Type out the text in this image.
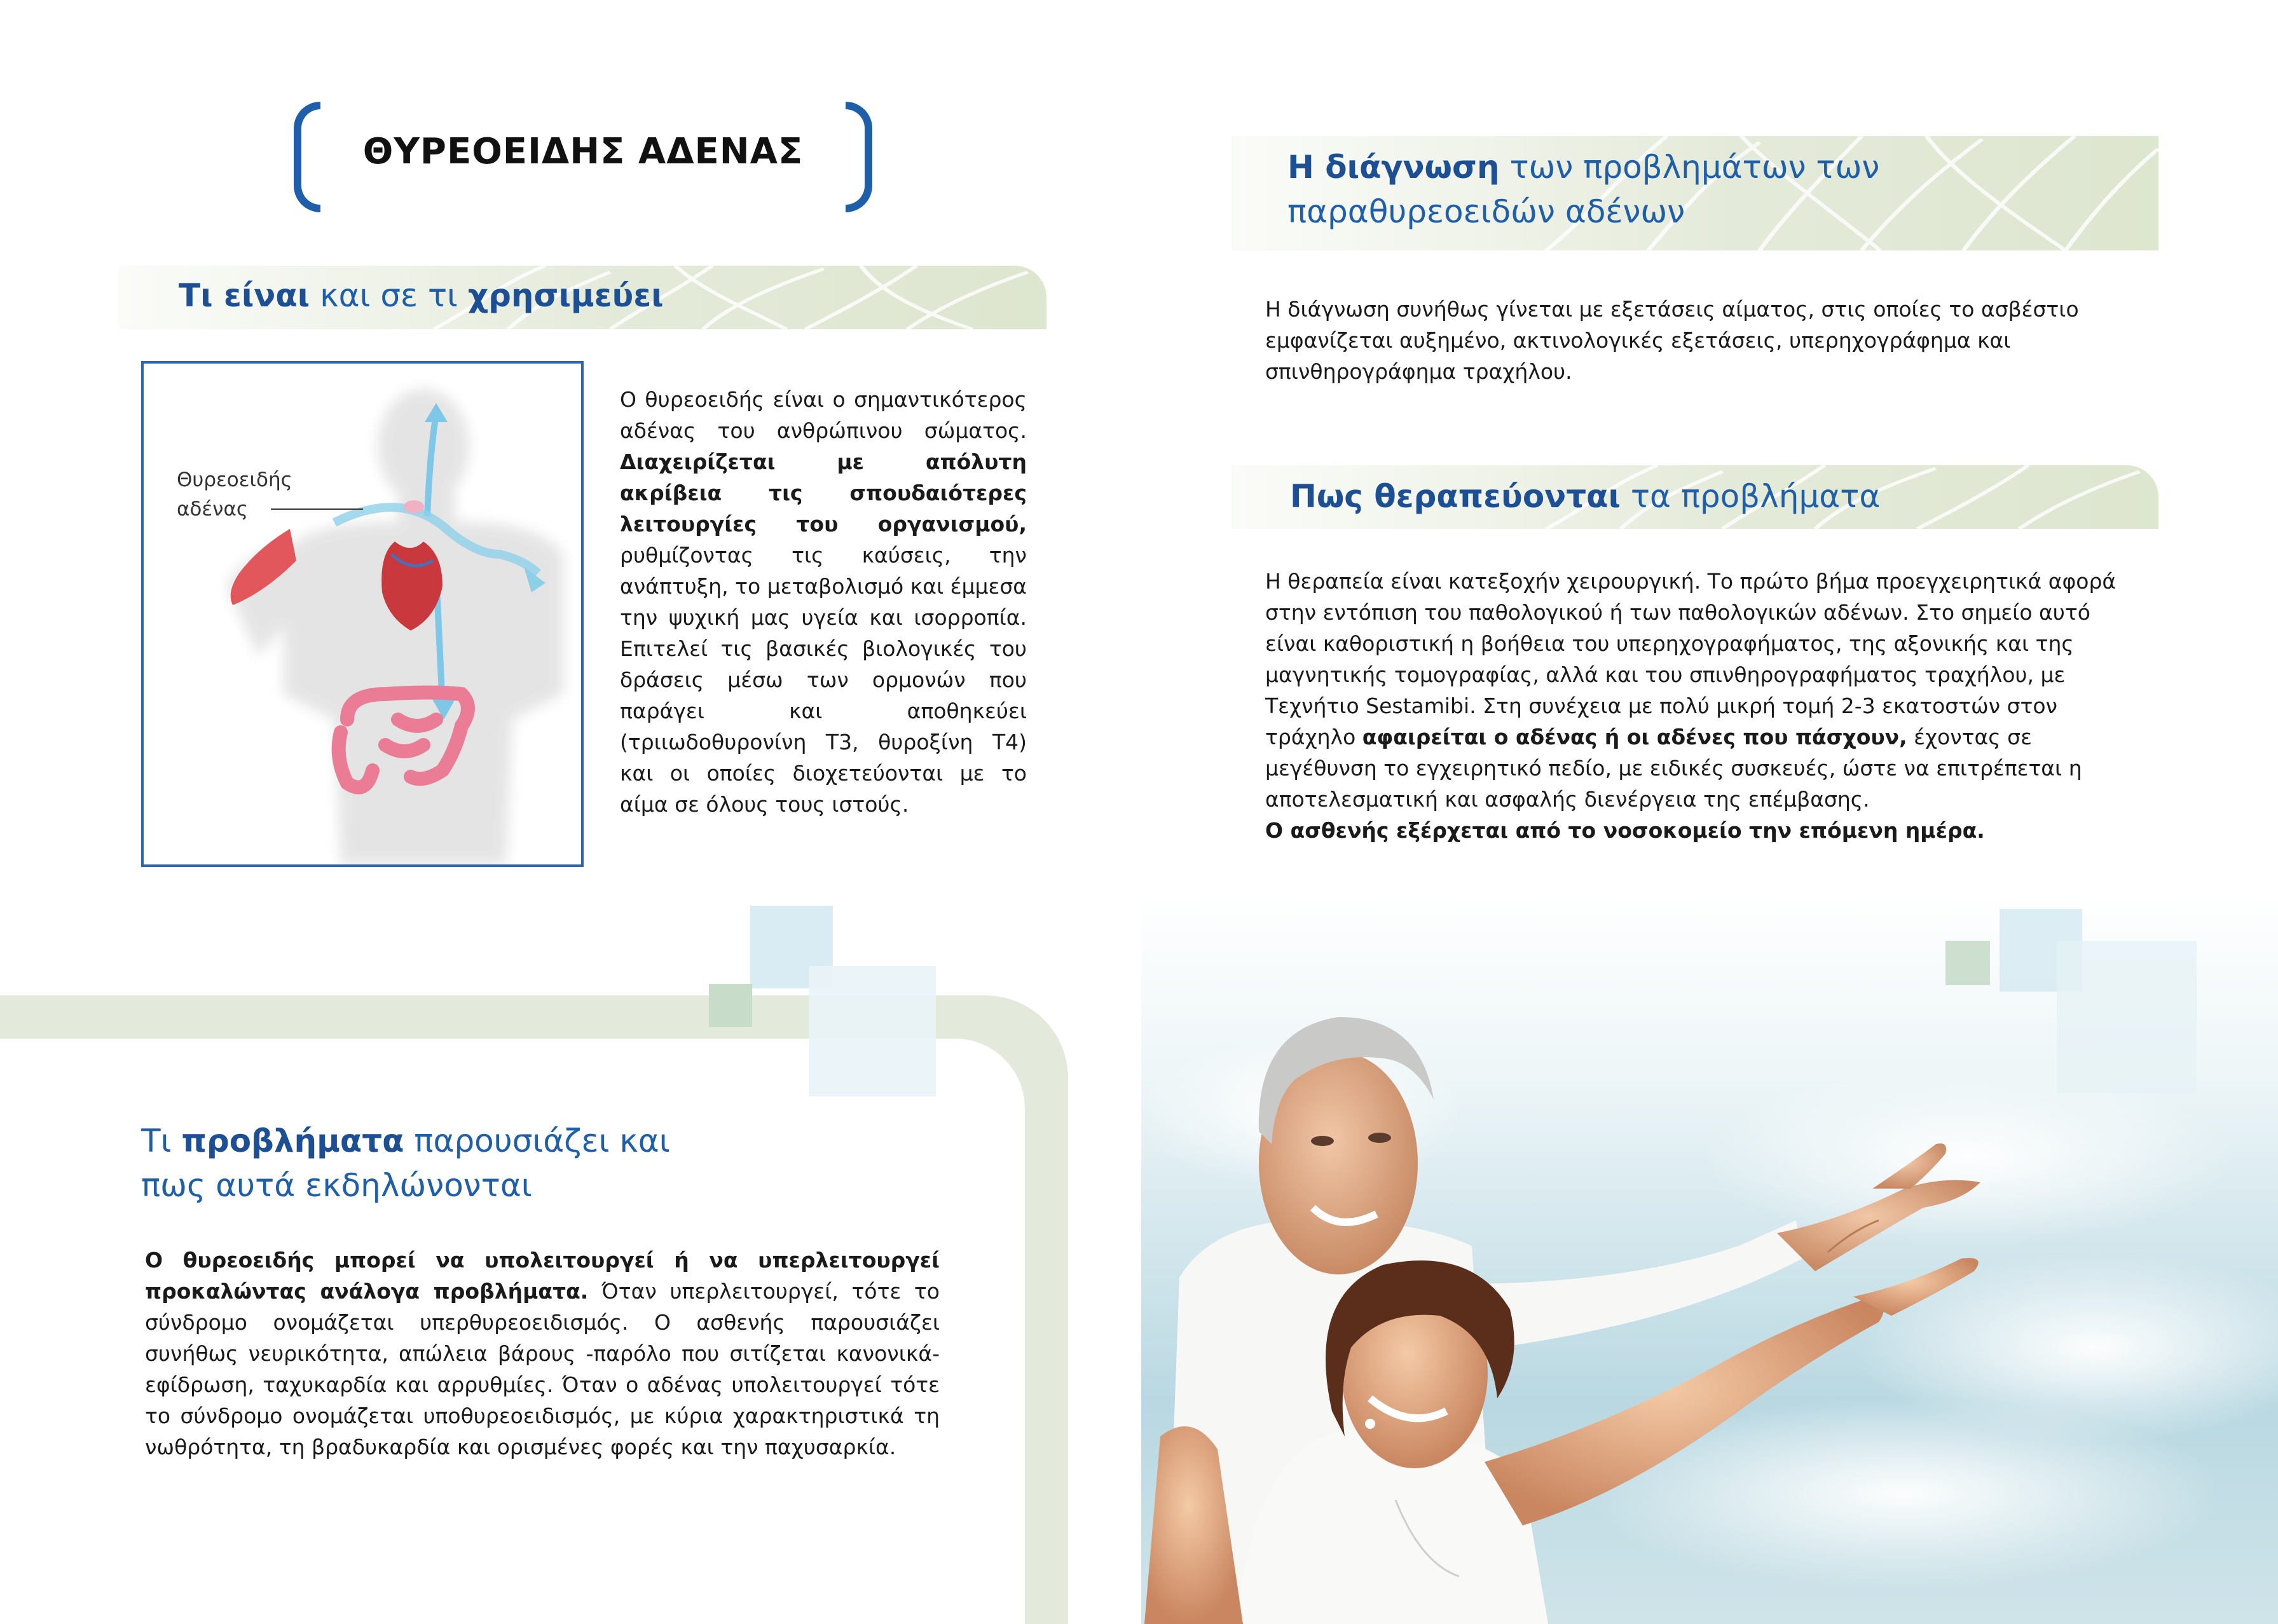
ΘΥΡΕΟΕΙΔΗΣ ΑΔΕΝΑΣ
Τι είναι και σε τι χρησιμεύει
Θυρεοειδής
αδένας
Ο θυρεοειδής είναι ο σημαντικότερος αδένας του ανθρώπινου σώματος. Διαχειρίζεται με απόλυτη ακρίβεια τις σπουδαιότερες λειτουργίες του οργανισμού, ρυθμίζοντας τις καύσεις, την ανάπτυξη, το μεταβολισμό και έμμεσα την ψυχική μας υγεία και ισορροπία. Επιτελεί τις βασικές βιολογικές του δράσεις μέσω των ορμονών που παράγει και αποθηκεύει (τριιωδοθυρονίνη Τ3, θυροξίνη Τ4) και οι οποίες διοχετεύονται με το αίμα σε όλους τους ιστούς.
Η διάγνωση των προβλημάτων των
παραθυρεοειδών αδένων
Η διάγνωση συνήθως γίνεται με εξετάσεις αίματος, στις οποίες το ασβέστιο εμφανίζεται αυξημένο, ακτινολογικές εξετάσεις, υπερηχογράφημα και σπινθηρογράφημα τραχήλου.
Πως θεραπεύονται τα προβλήματα
Η θεραπεία είναι κατεξοχήν χειρουργική. Το πρώτο βήμα προεγχειρητικά αφορά στην εντόπιση του παθολογικού ή των παθολογικών αδένων. Στο σημείο αυτό είναι καθοριστική η βοήθεια του υπερηχογραφήματος, της αξονικής και της μαγνητικής τομογραφίας, αλλά και του σπινθηρογραφήματος τραχήλου, με Τεχνήτιο Sestamibi. Στη συνέχεια με πολύ μικρή τομή 2-3 εκατοστών στον τράχηλο αφαιρείται ο αδένας ή οι αδένες που πάσχουν, έχοντας σε μεγέθυνση το εγχειρητικό πεδίο, με ειδικές συσκευές, ώστε να επιτρέπεται η αποτελεσματική και ασφαλής διενέργεια της επέμβασης.
Ο ασθενής εξέρχεται από το νοσοκομείο την επόμενη ημέρα.
Τι προβλήματα παρουσιάζει και
πως αυτά εκδηλώνονται
Ο θυρεοειδής μπορεί να υπολειτουργεί ή να υπερλειτουργεί προκαλώντας ανάλογα προβλήματα. Όταν υπερλειτουργεί, τότε το σύνδρομο ονομάζεται υπερθυρεοειδισμός. Ο ασθενής παρουσιάζει συνήθως νευρικότητα, απώλεια βάρους -παρόλο που σιτίζεται κανονικά- εφίδρωση, ταχυκαρδία και αρρυθμίες. Όταν ο αδένας υπολειτουργεί τότε το σύνδρομο ονομάζεται υποθυρεοειδισμός, με κύρια χαρακτηριστικά τη νωθρότητα, τη βραδυκαρδία και ορισμένες φορές και την παχυσαρκία.
